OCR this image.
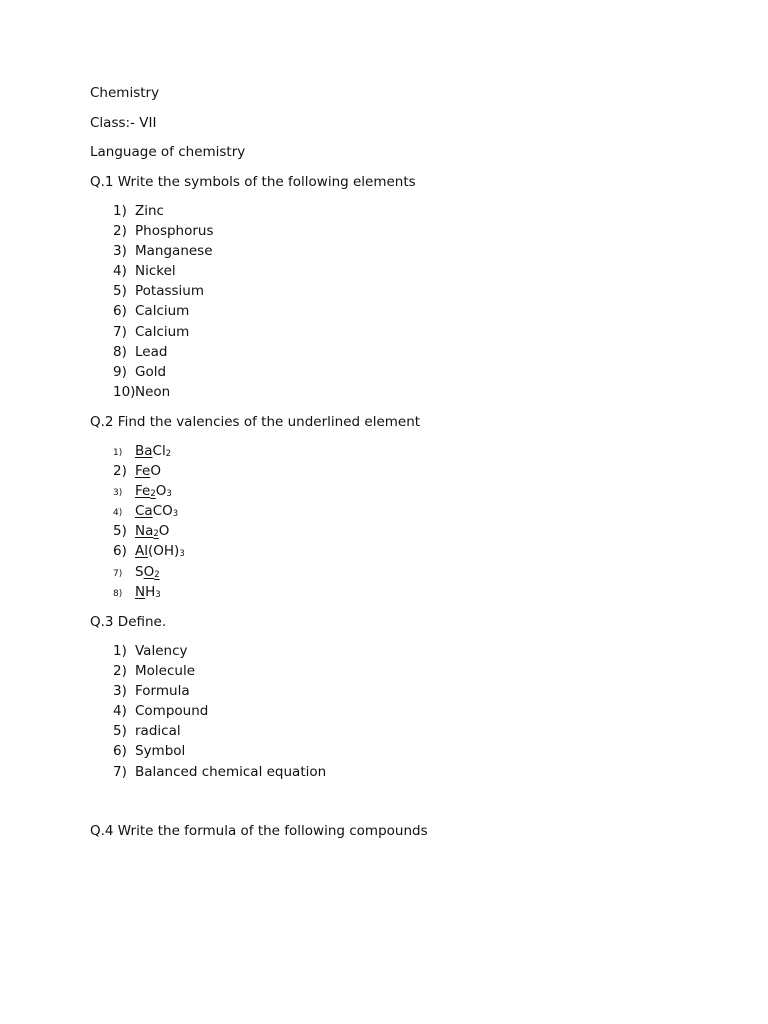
Chemistry
Class:- VII
Language of chemistry
Q.1 Write the symbols of the following elements
1) Zinc
2) Phosphorus
3) Manganese
4) Nickel
5) Potassium
6) Calcium
7) Calcium
8) Lead
9) Gold
10) Neon
Q.2 Find the valencies of the underlined element
1) BaCl2
2) FeO
3) Fe2O3
4) CaCO3
5) Na2O
6) Al(OH)3
7) SO2
8) NH3
Q.3 Define.
1) Valency
2) Molecule
3) Formula
4) Compound
5) radical
6) Symbol
7) Balanced chemical equation
Q.4 Write the formula of the following compounds
